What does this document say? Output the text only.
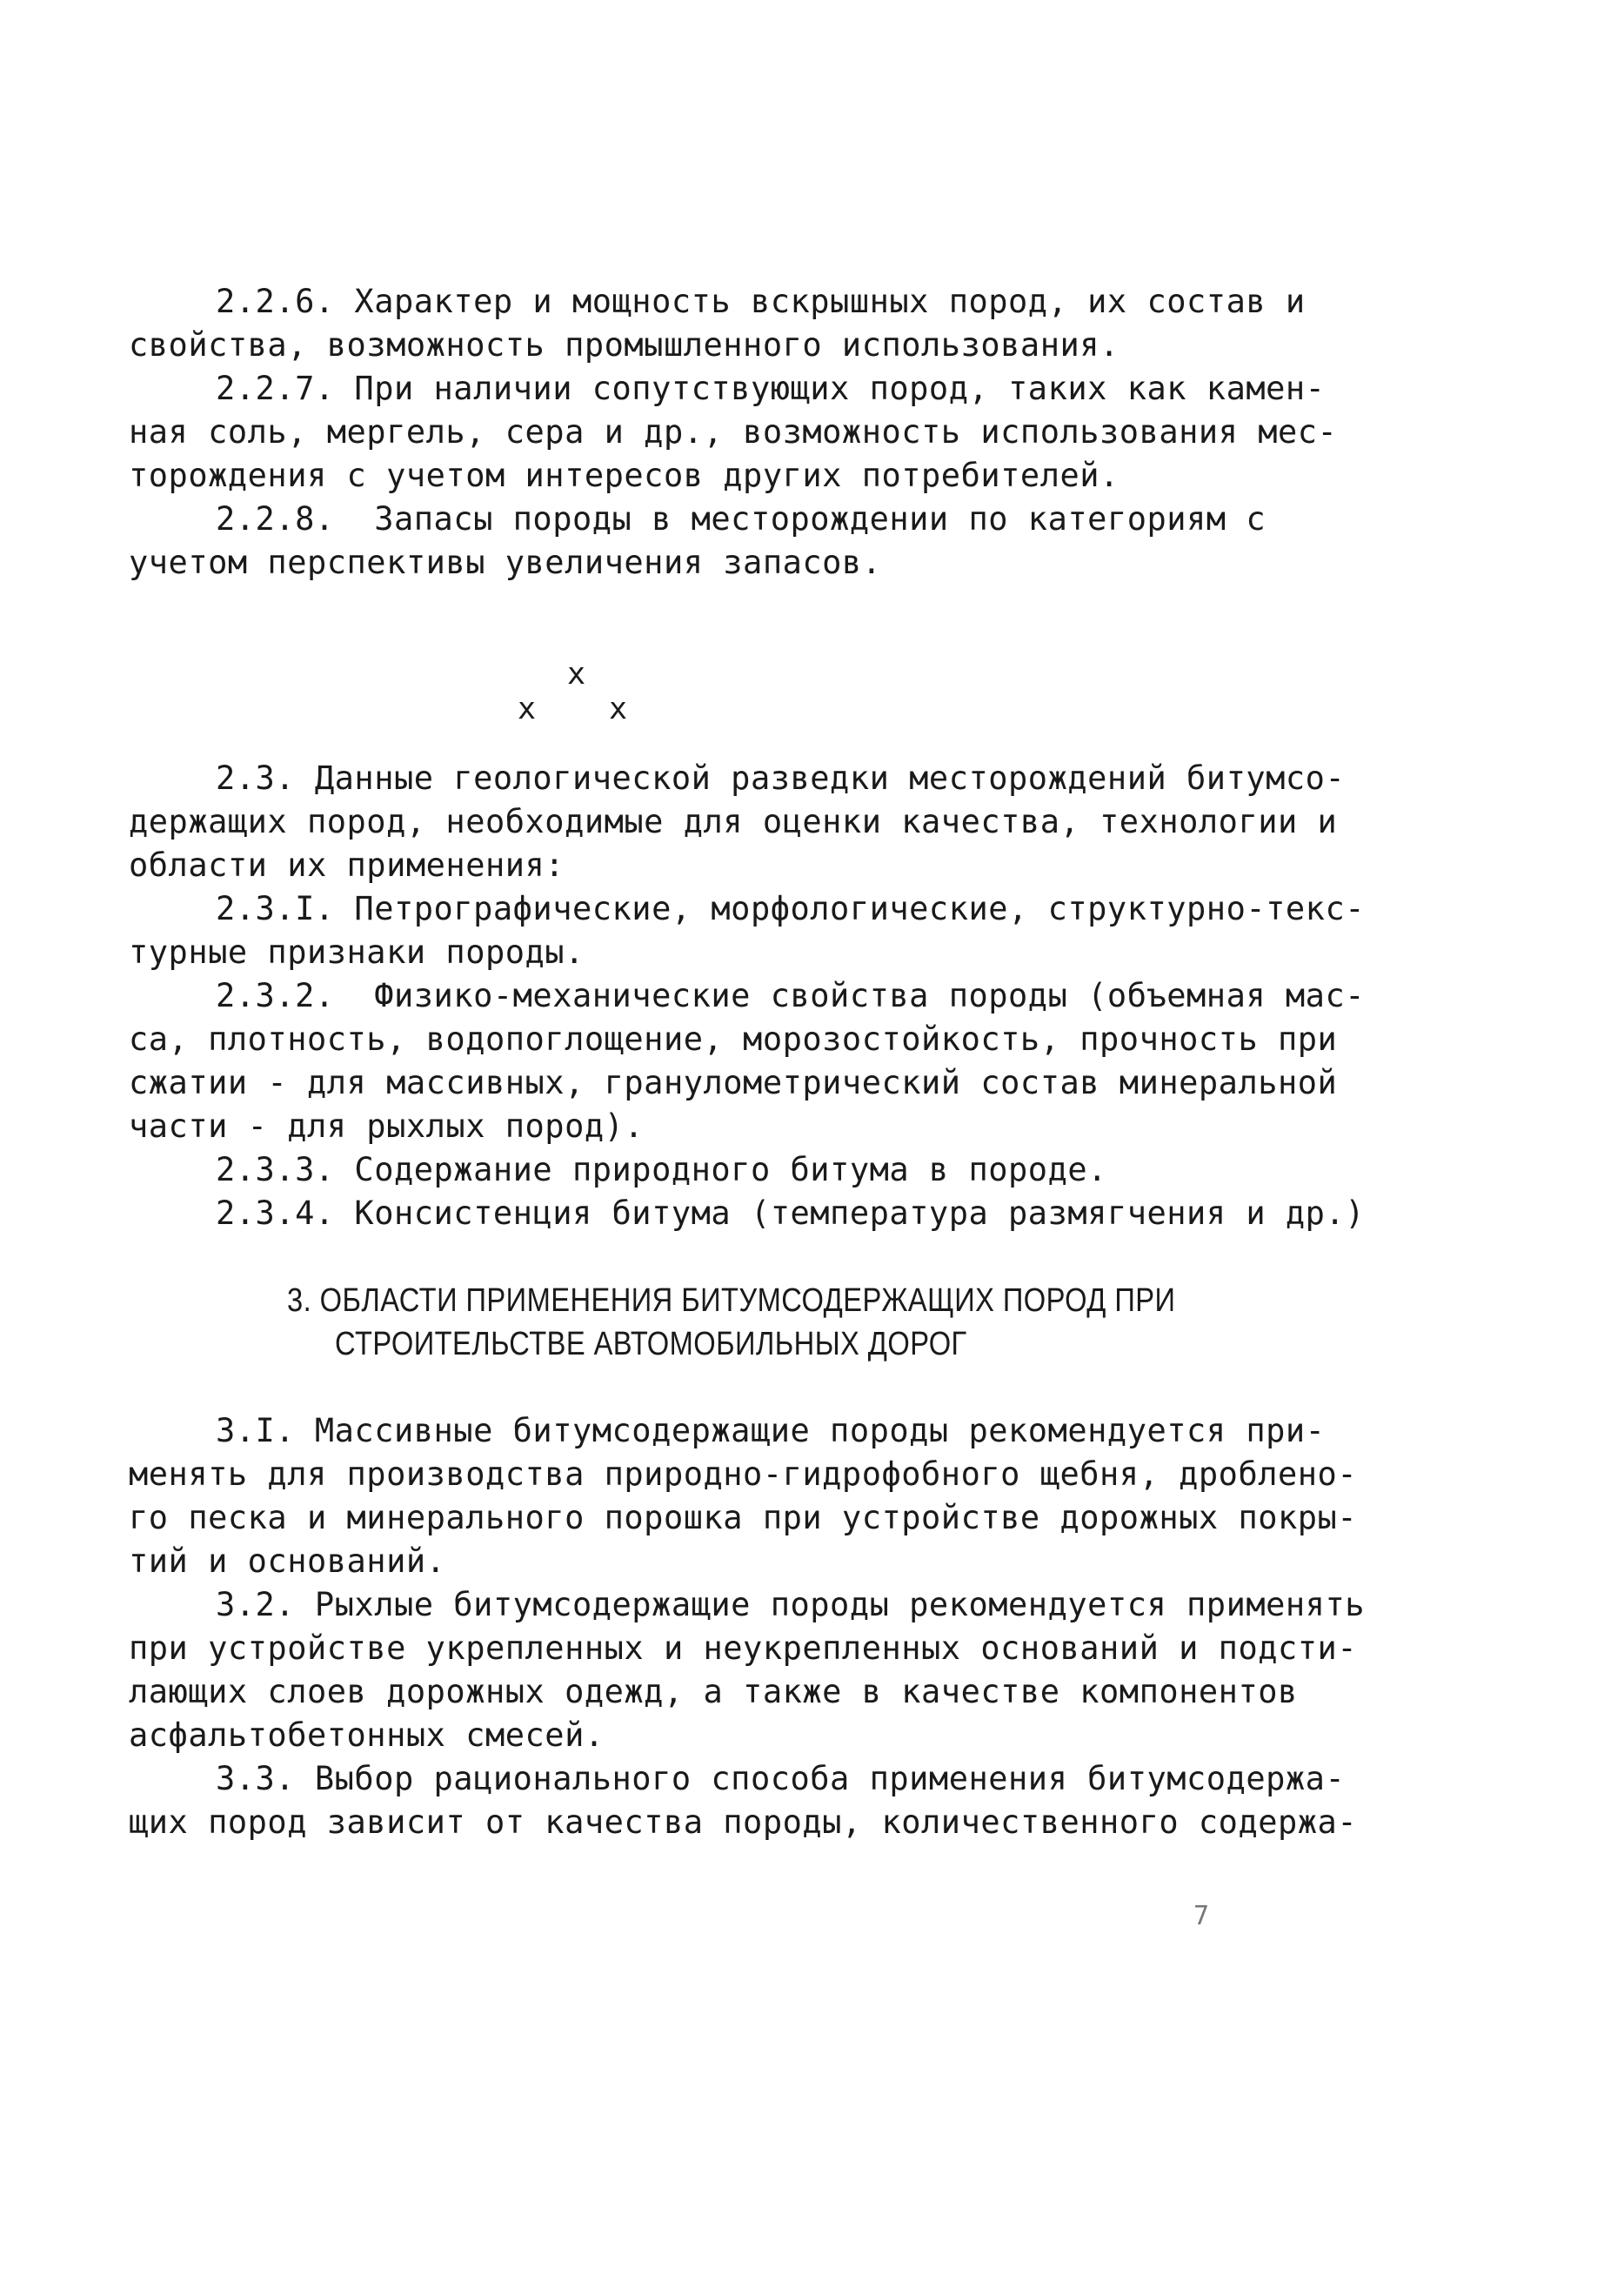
2.2.6. Характер и мощность вскрышных пород, их состав и
свойства, возможность промышленного использования.
2.2.7. При наличии сопутствующих пород, таких как камен-
ная соль, мергель, сера и др., возможность использования мес-
торождения с учетом интересов других потребителей.
2.2.8.  Запасы породы в месторождении по категориям с
учетом перспективы увеличения запасов.
х
х х
2.3. Данные геологической разведки месторождений битумсо-
держащих пород, необходимые для оценки качества, технологии и
области их применения:
2.3.I. Петрографические, морфологические, структурно-текс-
турные признаки породы.
2.3.2.  Физико-механические свойства породы (объемная мас-
са, плотность, водопоглощение, морозостойкость, прочность при
сжатии - для массивных, гранулометрический состав минеральной
части - для рыхлых пород).
2.3.3. Содержание природного битума в породе.
2.3.4. Консистенция битума (температура размягчения и др.)
3. ОБЛАСТИ ПРИМЕНЕНИЯ БИТУМСОДЕРЖАЩИХ ПОРОД ПРИ
СТРОИТЕЛЬСТВЕ АВТОМОБИЛЬНЫХ ДОРОГ
3.I. Массивные битумсодержащие породы рекомендуется при-
менять для производства природно-гидрофобного щебня, дроблено-
го песка и минерального порошка при устройстве дорожных покры-
тий и оснований.
3.2. Рыхлые битумсодержащие породы рекомендуется применять
при устройстве укрепленных и неукрепленных оснований и подсти-
лающих слоев дорожных одежд, а также в качестве компонентов
асфальтобетонных смесей.
3.3. Выбор рационального способа применения битумсодержа-
щих пород зависит от качества породы, количественного содержа-
7
